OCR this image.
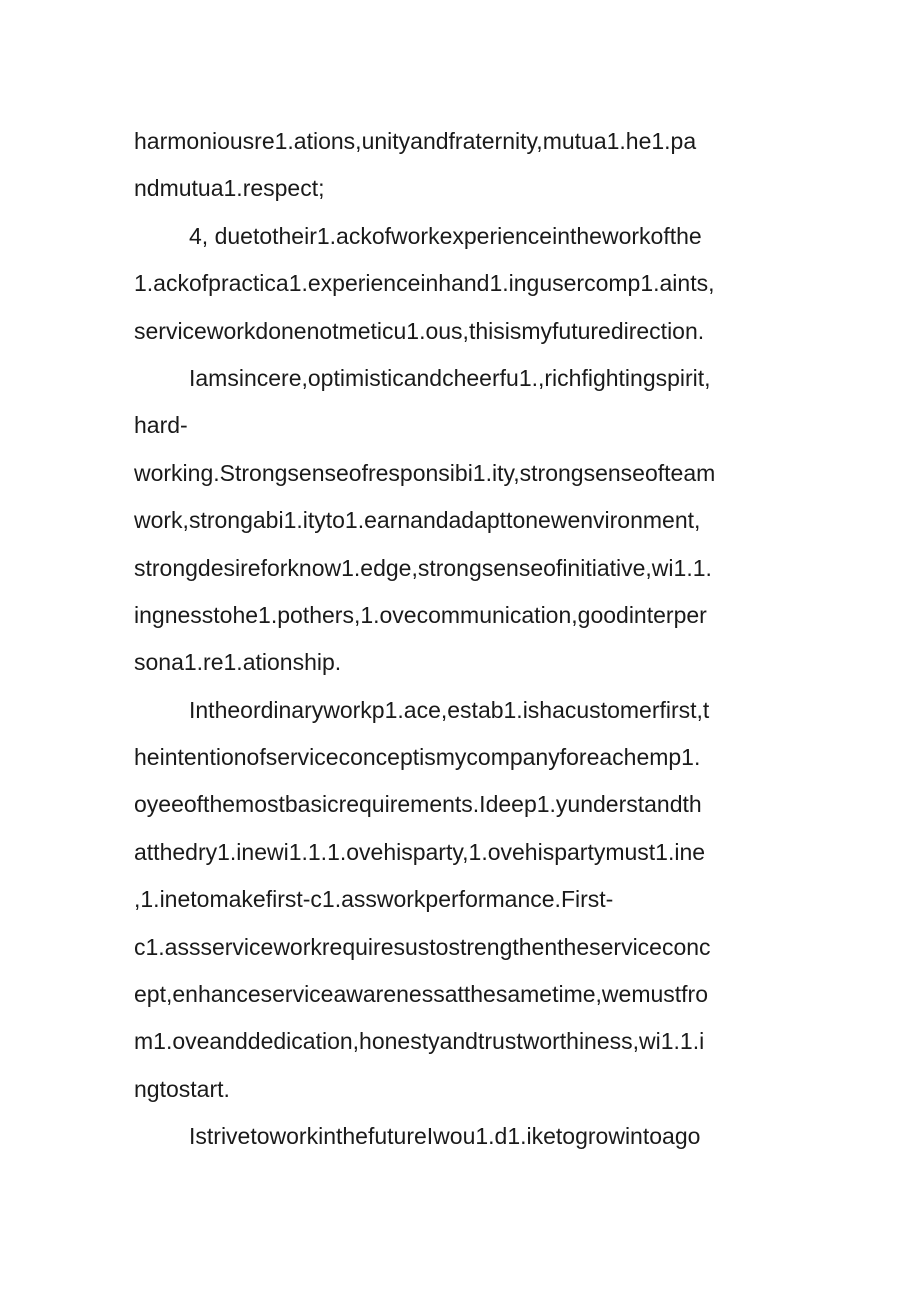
harmoniousre1.ations,unityandfraternity,mutua1.he1.pa
ndmutua1.respect;
4, duetotheir1.ackofworkexperienceintheworkofthe
1.ackofpractica1.experienceinhand1.ingusercomp1.aints,
serviceworkdonenotmeticu1.ous,thisismyfuturedirection.
Iamsincere,optimisticandcheerfu1.,richfightingspirit,
hard-
working.Strongsenseofresponsibi1.ity,strongsenseofteam
work,strongabi1.ityto1.earnandadapttonewenvironment,
strongdesireforknow1.edge,strongsenseofinitiative,wi1.1.
ingnesstohe1.pothers,1.ovecommunication,goodinterper
sona1.re1.ationship.
Intheordinaryworkp1.ace,estab1.ishacustomerfirst,t
heintentionofserviceconceptismycompanyforeachemp1.
oyeeofthemostbasicrequirements.Ideep1.yunderstandth
atthedry1.inewi1.1.1.ovehisparty,1.ovehispartymust1.ine
,1.inetomakefirst-c1.assworkperformance.First-
c1.assserviceworkrequiresustostrengthentheserviceconc
ept,enhanceserviceawarenessatthesametime,wemustfro
m1.oveanddedication,honestyandtrustworthiness,wi1.1.i
ngtostart.
IstrivetoworkinthefutureIwou1.d1.iketogrowintoago
